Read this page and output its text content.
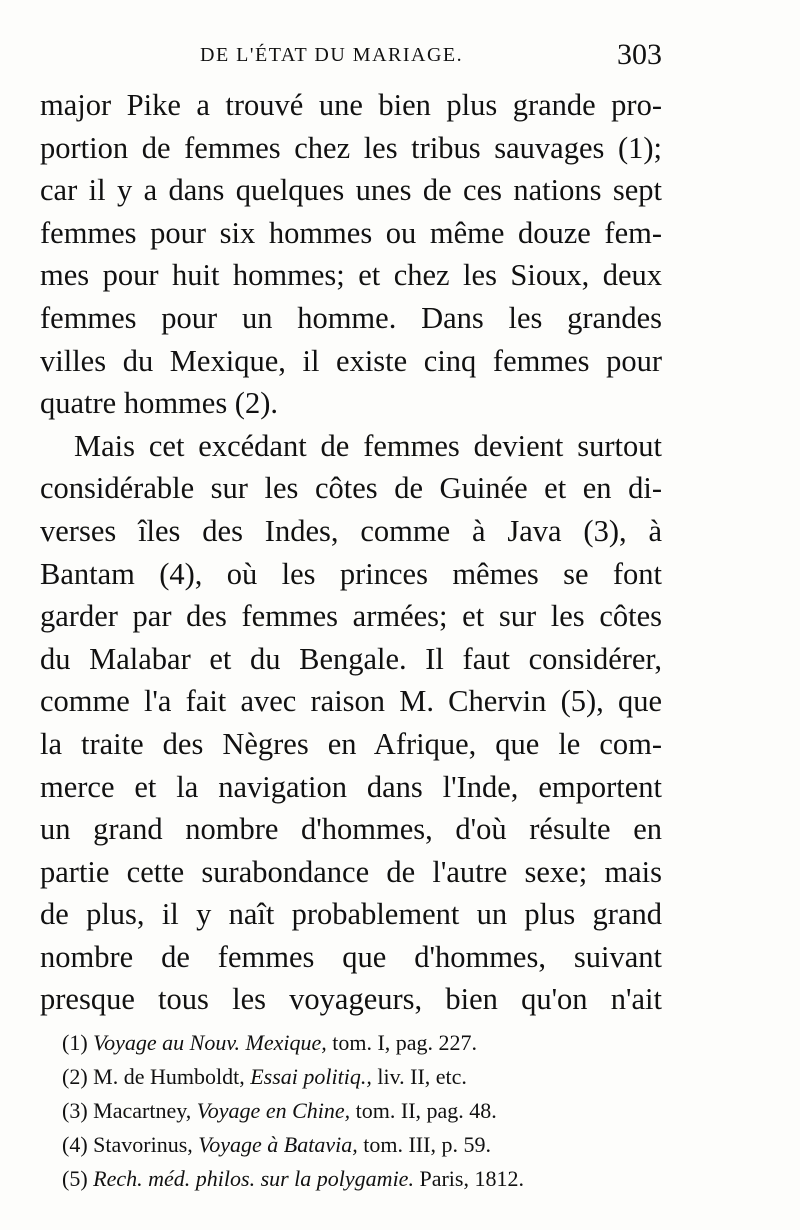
DE L'ÉTAT DU MARIAGE.	303
major Pike a trouvé une bien plus grande pro-
portion de femmes chez les tribus sauvages (1);
car il y a dans quelques unes de ces nations sept
femmes pour six hommes ou même douze fem-
mes pour huit hommes; et chez les Sioux, deux
femmes pour un homme. Dans les grandes
villes du Mexique, il existe cinq femmes pour
quatre hommes (2).
Mais cet excédant de femmes devient surtout
considérable sur les côtes de Guinée et en di-
verses îles des Indes, comme à Java (3), à
Bantam (4), où les princes mêmes se font
garder par des femmes armées; et sur les côtes
du Malabar et du Bengale. Il faut considérer,
comme l'a fait avec raison M. Chervin (5), que
la traite des Nègres en Afrique, que le com-
merce et la navigation dans l'Inde, emportent
un grand nombre d'hommes, d'où résulte en
partie cette surabondance de l'autre sexe; mais
de plus, il y naît probablement un plus grand
nombre de femmes que d'hommes, suivant
presque tous les voyageurs, bien qu'on n'ait
(1) Voyage au Nouv. Mexique, tom. I, pag. 227.
(2) M. de Humboldt, Essai politiq., liv. II, etc.
(3) Macartney, Voyage en Chine, tom. II, pag. 48.
(4) Stavorinus, Voyage à Batavia, tom. III, p. 59.
(5) Rech. méd. philos. sur la polygamie. Paris, 1812.
